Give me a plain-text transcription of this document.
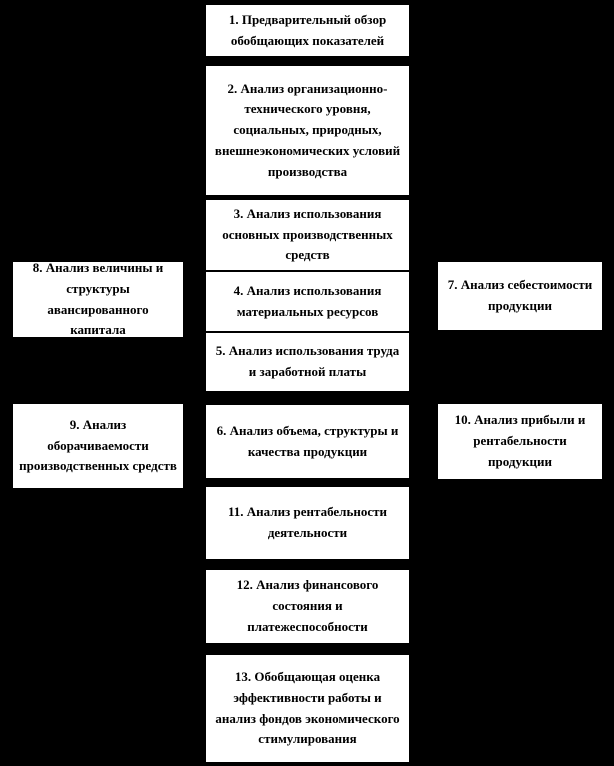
1. Предварительный обзор обобщающих показателей
2. Анализ организационно-технического уровня, социальных, природных, внешнеэкономических условий производства
3. Анализ использования основных производственных средств
4. Анализ использования материальных ресурсов
5. Анализ использования труда и заработной платы
8. Анализ величины и структуры авансированного капитала
7. Анализ себестоимости продукции
9. Анализ оборачиваемости производственных средств
6. Анализ объема, структуры и качества продукции
10. Анализ прибыли и рентабельности продукции
11. Анализ рентабельности деятельности
12. Анализ финансового состояния и платежеспособности
13. Обобщающая оценка эффективности работы и анализ фондов экономического стимулирования
